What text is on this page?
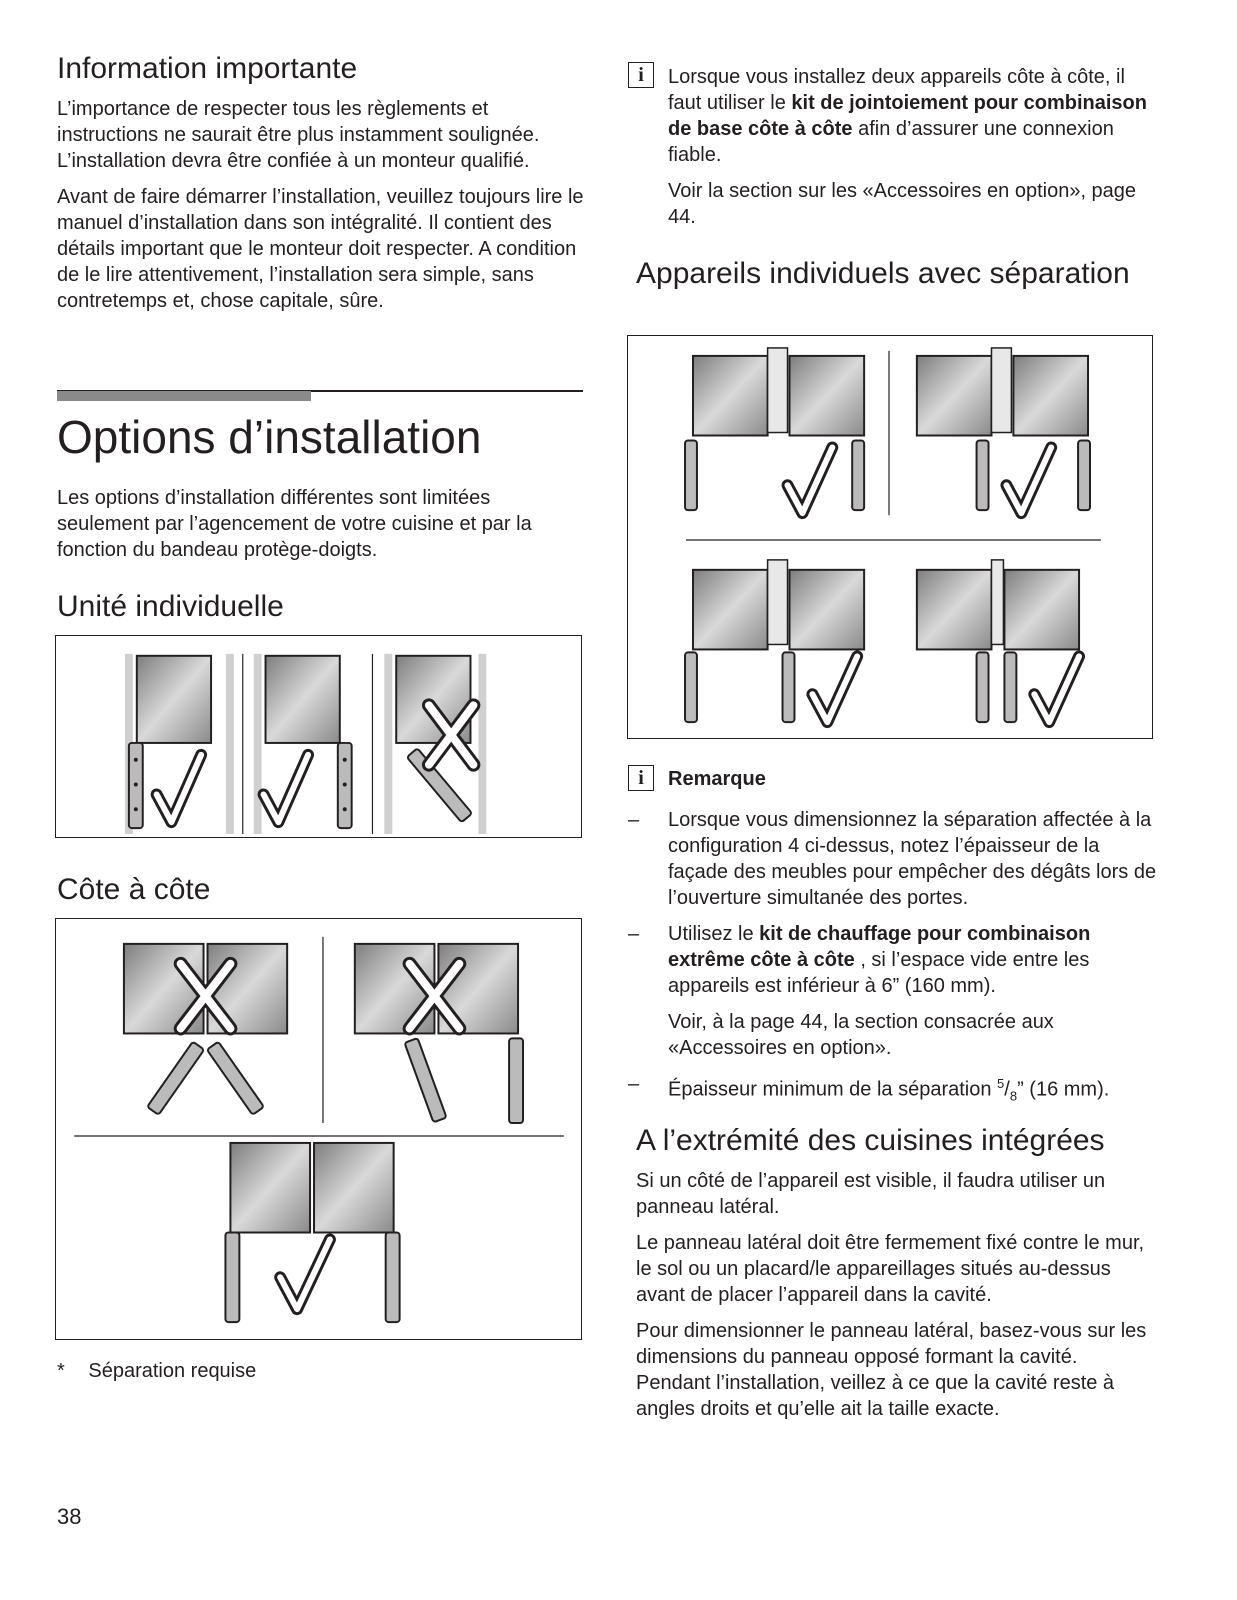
Information importante

L’importance de respecter tous les règlements et instructions ne saurait être plus instamment soulignée. L’installation devra être confiée à un monteur qualifié.

Avant de faire démarrer l’installation, veuillez toujours lire le manuel d’installation dans son intégralité. Il contient des détails important que le monteur doit respecter. A condition de le lire attentivement, l’installation sera simple, sans contretemps et, chose capitale, sûre.

Options d’installation

Les options d’installation différentes sont limitées seulement par l’agencement de votre cuisine et par la fonction du bandeau protège-doigts.

Unité individuelle
Côte à côte
* Séparation requise
i	Lorsque vous installez deux appareils côte à côte, il faut utiliser le kit de jointoiement pour combinaison de base côte à côte afin d’assurer une connexion fiable.

Voir la section sur les «Accessoires en option», page 44.

Appareils individuels avec séparation
i	Remarque
– Lorsque vous dimensionnez la séparation affectée à la configuration 4 ci-dessus, notez l’épaisseur de la façade des meubles pour empêcher des dégâts lors de l’ouverture simultanée des portes.

– Utilisez le kit de chauffage pour combinaison extrême côte à côte , si l’espace vide entre les appareils est inférieur à 6” (160 mm).

Voir, à la page 44, la section consacrée aux «Accessoires en option».

– Épaisseur minimum de la séparation $^5/_8$” (16 mm).

A l’extrémité des cuisines intégrées

Si un côté de l’appareil est visible, il faudra utiliser un panneau latéral.

Le panneau latéral doit être fermement fixé contre le mur, le sol ou un placard/le appareillages situés au-dessus avant de placer l’appareil dans la cavité.

Pour dimensionner le panneau latéral, basez-vous sur les dimensions du panneau opposé formant la cavité. Pendant l’installation, veillez à ce que la cavité reste à angles droits et qu’elle ait la taille exacte.

38
